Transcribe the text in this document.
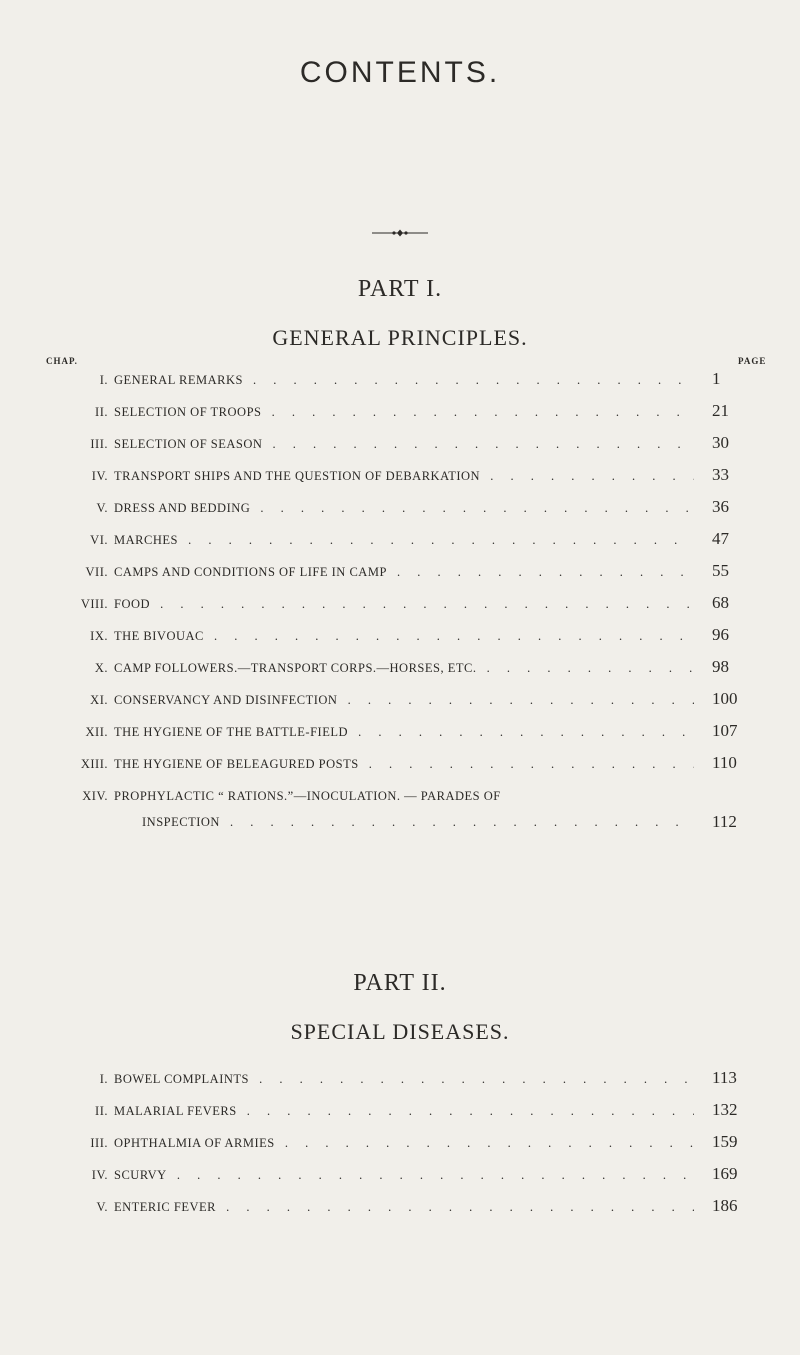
CONTENTS.
PART I.
GENERAL PRINCIPLES.
CHAP.	PAGE
I. GENERAL REMARKS . . .	1
II. SELECTION OF TROOPS . . .	21
III. SELECTION OF SEASON . . .	30
IV. TRANSPORT SHIPS AND THE QUESTION OF DEBARKATION . . .	33
V. DRESS AND BEDDING . . .	36
VI. MARCHES . . .	47
VII. CAMPS AND CONDITIONS OF LIFE IN CAMP . . .	55
VIII. FOOD . . .	68
IX. THE BIVOUAC . . .	96
X. CAMP FOLLOWERS.—TRANSPORT CORPS.—HORSES, ETC. . . .	98
XI. CONSERVANCY AND DISINFECTION . . .	100
XII. THE HYGIENE OF THE BATTLE-FIELD . . .	107
XIII. THE HYGIENE OF BELEAGURED POSTS . . .	110
XIV. PROPHYLACTIC “ RATIONS.”—INOCULATION. — PARADES OF
INSPECTION . . .	112
PART II.
SPECIAL DISEASES.
I. BOWEL COMPLAINTS . . .	113
II. MALARIAL FEVERS . . .	132
III. OPHTHALMIA OF ARMIES . . .	159
IV. SCURVY . . .	169
V. ENTERIC FEVER . . .	186
